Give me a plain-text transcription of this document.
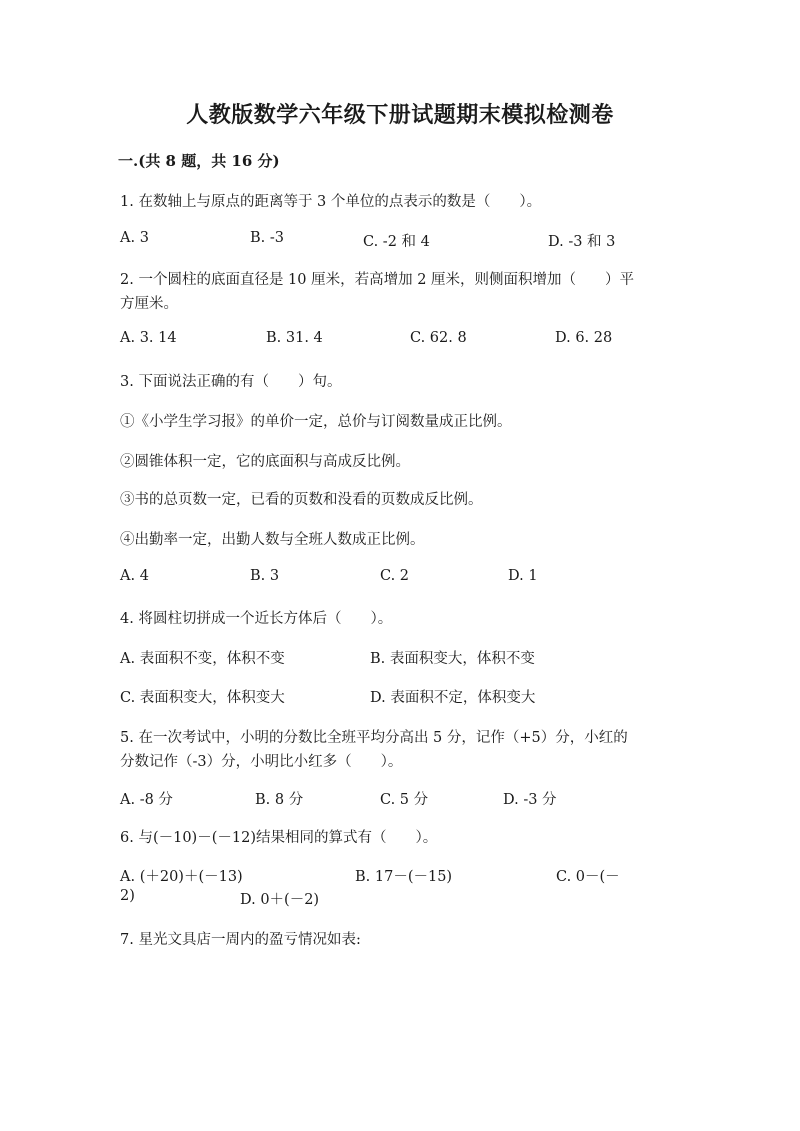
人教版数学六年级下册试题期末模拟检测卷
一.(共 8 题，共 16 分)
1. 在数轴上与原点的距离等于 3 个单位的点表示的数是（　　）。
A. 3	B. -3	C. -2 和 4	D. -3 和 3
2. 一个圆柱的底面直径是 10 厘米，若高增加 2 厘米，则侧面积增加（　　）平
方厘米。
A. 3. 14	B. 31. 4	C. 62. 8	D. 6. 28
3. 下面说法正确的有（　　）句。
①《小学生学习报》的单价一定，总价与订阅数量成正比例。
②圆锥体积一定，它的底面积与高成反比例。
③书的总页数一定，已看的页数和没看的页数成反比例。
④出勤率一定，出勤人数与全班人数成正比例。
A. 4	B. 3	C. 2	D. 1
4. 将圆柱切拼成一个近长方体后（　　）。
A. 表面积不变，体积不变	B. 表面积变大，体积不变
C. 表面积变大，体积变大	D. 表面积不定，体积变大
5. 在一次考试中，小明的分数比全班平均分高出 5 分，记作（+5）分，小红的
分数记作（-3）分，小明比小红多（　　）。
A. -8 分	B. 8 分	C. 5 分	D. -3 分
6. 与(－10)－(－12)结果相同的算式有（　　）。
A. (＋20)＋(－13)	B. 17－(－15)	C. 0－(－
2)	D. 0＋(－2)
7. 星光文具店一周内的盈亏情况如表:
